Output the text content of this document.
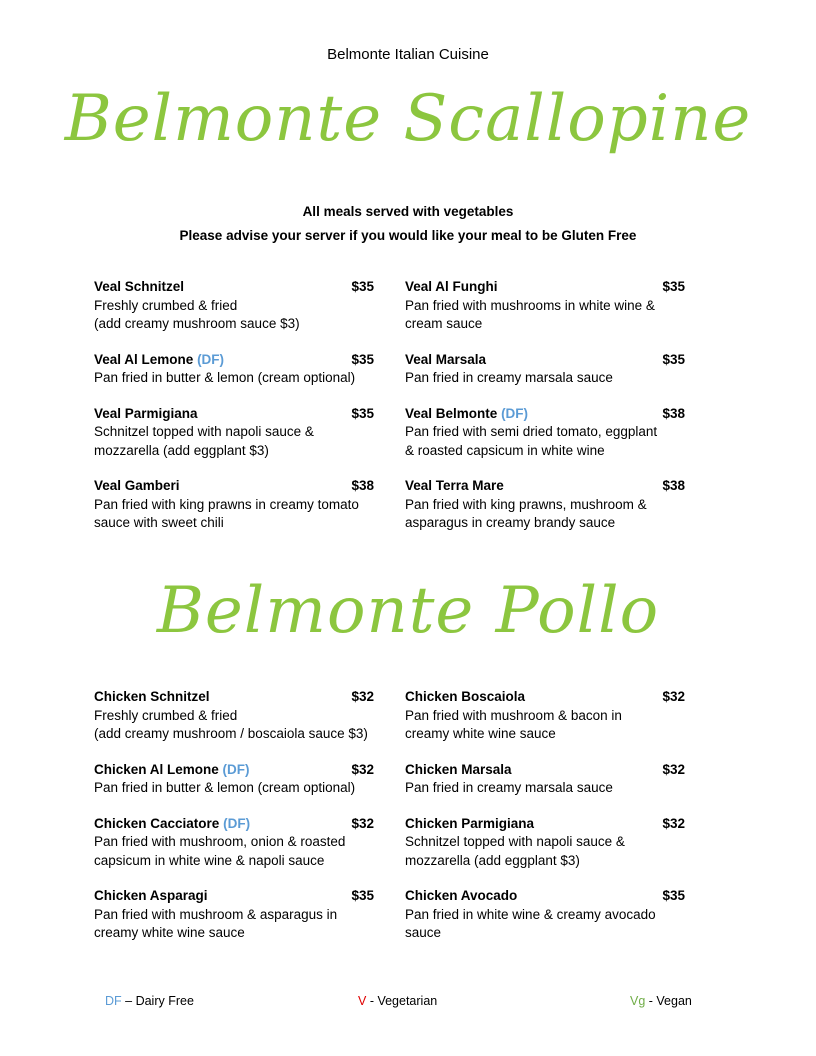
Belmonte Italian Cuisine
Belmonte Scallopine
All meals served with vegetables
Please advise your server if you would like your meal to be Gluten Free
Veal Schnitzel	$35
Freshly crumbed & fried
(add creamy mushroom sauce $3)
Veal Al Funghi	$35
Pan fried with mushrooms in white wine &
cream sauce
Veal Al Lemone (DF)	$35
Pan fried in butter & lemon (cream optional)
Veal Marsala	$35
Pan fried in creamy marsala sauce
Veal Parmigiana	$35
Schnitzel topped with napoli sauce &
mozzarella (add eggplant $3)
Veal Belmonte (DF)	$38
Pan fried with semi dried tomato, eggplant
& roasted capsicum in white wine
Veal Gamberi	$38
Pan fried with king prawns in creamy tomato
sauce with sweet chili
Veal Terra Mare	$38
Pan fried with king prawns, mushroom &
asparagus in creamy brandy sauce
Belmonte Pollo
Chicken Schnitzel	$32
Freshly crumbed & fried
(add creamy mushroom / boscaiola sauce $3)
Chicken Boscaiola	$32
Pan fried with mushroom & bacon in
creamy white wine sauce
Chicken Al Lemone (DF)	$32
Pan fried in butter & lemon (cream optional)
Chicken Marsala	$32
Pan fried in creamy marsala sauce
Chicken Cacciatore (DF)	$32
Pan fried with mushroom, onion & roasted
capsicum in white wine & napoli sauce
Chicken Parmigiana	$32
Schnitzel topped with napoli sauce &
mozzarella (add eggplant $3)
Chicken Asparagi	$35
Pan fried with mushroom & asparagus in
creamy white wine sauce
Chicken Avocado	$35
Pan fried in white wine & creamy avocado
sauce
DF – Dairy Free	V - Vegetarian	Vg - Vegan
